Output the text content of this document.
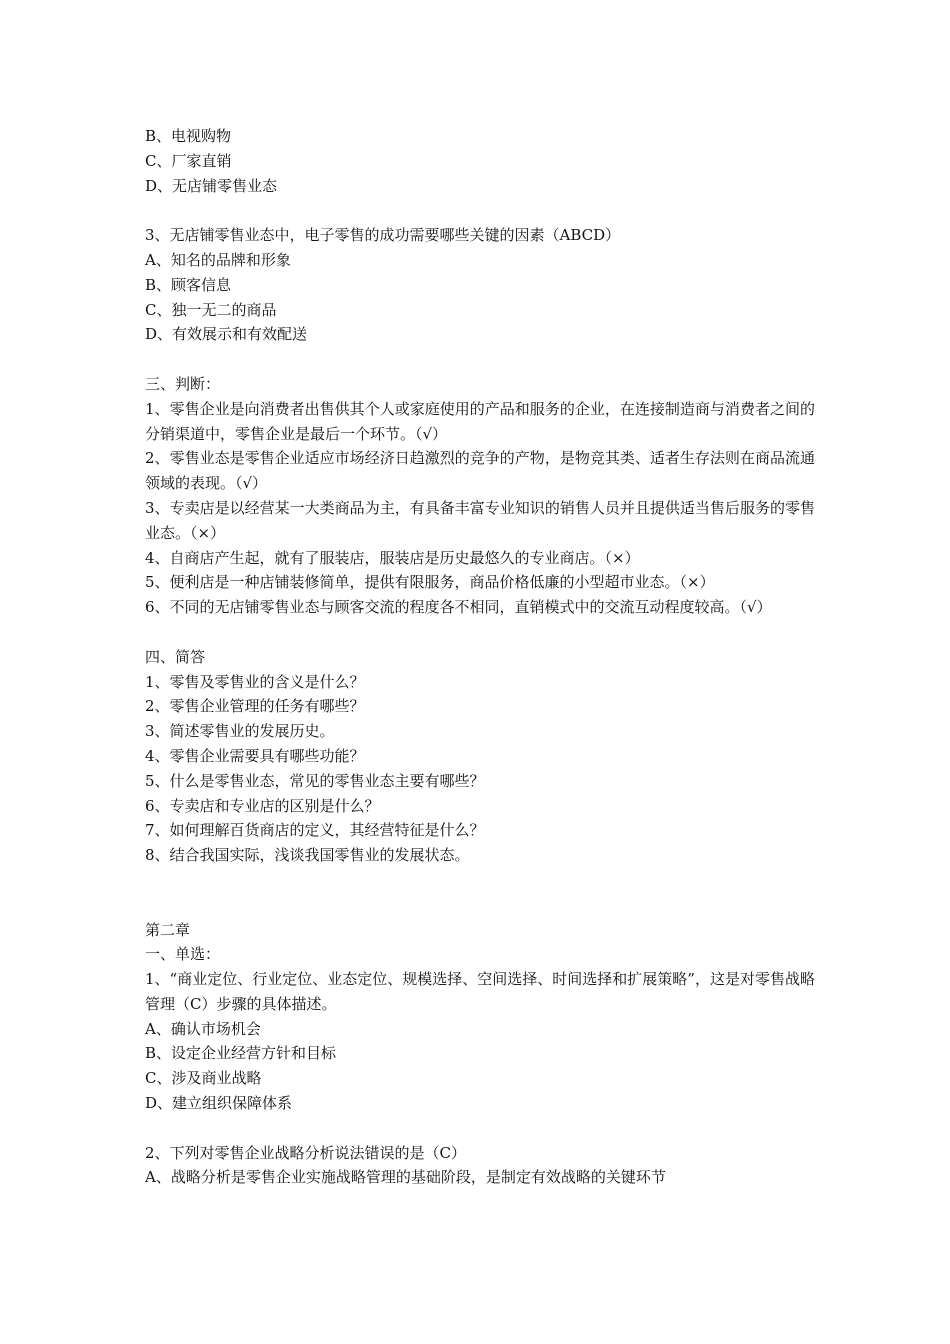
B、电视购物
C、厂家直销
D、无店铺零售业态
3、无店铺零售业态中，电子零售的成功需要哪些关键的因素（ABCD）
A、知名的品牌和形象
B、顾客信息
C、独一无二的商品
D、有效展示和有效配送
三、判断：
1、零售企业是向消费者出售供其个人或家庭使用的产品和服务的企业，在连接制造商与消费者之间的分销渠道中，零售企业是最后一个环节。（√）
2、零售业态是零售企业适应市场经济日趋激烈的竞争的产物，是物竞其类、适者生存法则在商品流通领域的表现。（√）
3、专卖店是以经营某一大类商品为主，有具备丰富专业知识的销售人员并且提供适当售后服务的零售业态。（×）
4、自商店产生起，就有了服装店，服装店是历史最悠久的专业商店。（×）
5、便利店是一种店铺装修简单，提供有限服务，商品价格低廉的小型超市业态。（×）
6、不同的无店铺零售业态与顾客交流的程度各不相同，直销模式中的交流互动程度较高。（√）
四、简答
1、零售及零售业的含义是什么？
2、零售企业管理的任务有哪些？
3、简述零售业的发展历史。
4、零售企业需要具有哪些功能？
5、什么是零售业态，常见的零售业态主要有哪些？
6、专卖店和专业店的区别是什么？
7、如何理解百货商店的定义，其经营特征是什么？
8、结合我国实际，浅谈我国零售业的发展状态。
第二章
一、单选：
1、“商业定位、行业定位、业态定位、规模选择、空间选择、时间选择和扩展策略”，这是对零售战略管理（C）步骤的具体描述。
A、确认市场机会
B、设定企业经营方针和目标
C、涉及商业战略
D、建立组织保障体系
2、下列对零售企业战略分析说法错误的是（C）
A、战略分析是零售企业实施战略管理的基础阶段，是制定有效战略的关键环节
